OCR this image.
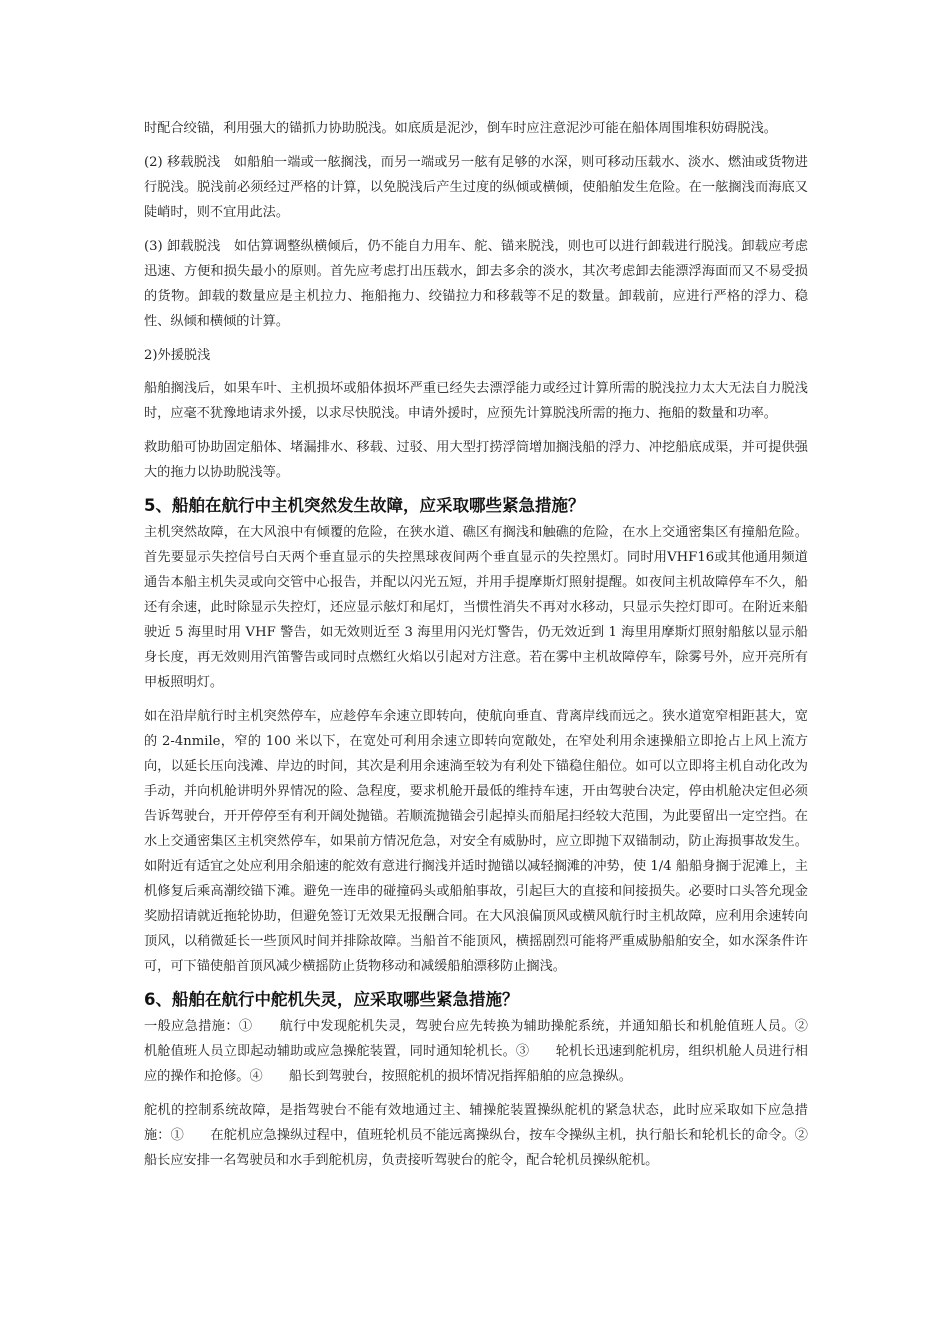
时配合绞锚，利用强大的锚抓力协助脱浅。如底质是泥沙，倒车时应注意泥沙可能在船体周围堆积妨碍脱浅。

(2) 移载脱浅　如船舶一端或一舷搁浅，而另一端或另一舷有足够的水深，则可移动压载水、淡水、燃油或货物进行脱浅。脱浅前必须经过严格的计算，以免脱浅后产生过度的纵倾或横倾，使船舶发生危险。在一舷搁浅而海底又陡峭时，则不宜用此法。

(3) 卸载脱浅　如估算调整纵横倾后，仍不能自力用车、舵、锚来脱浅，则也可以进行卸载进行脱浅。卸载应考虑迅速、方便和损失最小的原则。首先应考虑打出压载水，卸去多余的淡水，其次考虑卸去能漂浮海面而又不易受损的货物。卸载的数量应是主机拉力、拖船拖力、绞锚拉力和移载等不足的数量。卸载前，应进行严格的浮力、稳性、纵倾和横倾的计算。

2)外援脱浅

船舶搁浅后，如果车叶、主机损坏或船体损坏严重已经失去漂浮能力或经过计算所需的脱浅拉力太大无法自力脱浅时，应毫不犹豫地请求外援，以求尽快脱浅。申请外援时，应预先计算脱浅所需的拖力、拖船的数量和功率。

救助船可协助固定船体、堵漏排水、移载、过驳、用大型打捞浮筒增加搁浅船的浮力、冲挖船底成渠，并可提供强大的拖力以协助脱浅等。

5、船舶在航行中主机突然发生故障，应采取哪些紧急措施？

主机突然故障，在大风浪中有倾覆的危险，在狭水道、礁区有搁浅和触礁的危险，在水上交通密集区有撞船危险。首先要显示失控信号白天两个垂直显示的失控黑球夜间两个垂直显示的失控黑灯。同时用VHF16或其他通用频道通告本船主机失灵或向交管中心报告，并配以闪光五短，并用手提摩斯灯照射提醒。如夜间主机故障停车不久，船还有余速，此时除显示失控灯，还应显示舷灯和尾灯，当惯性消失不再对水移动，只显示失控灯即可。在附近来船驶近 5 海里时用 VHF 警告，如无效则近至 3 海里用闪光灯警告，仍无效近到 1 海里用摩斯灯照射船舷以显示船身长度，再无效则用汽笛警告或同时点燃红火焰以引起对方注意。若在雾中主机故障停车，除雾号外，应开亮所有甲板照明灯。

如在沿岸航行时主机突然停车，应趁停车余速立即转向，使航向垂直、背离岸线而远之。狭水道宽窄相距甚大，宽的 2-4nmile，窄的 100 米以下，在宽处可利用余速立即转向宽敞处，在窄处利用余速操船立即抢占上风上流方向，以延长压向浅滩、岸边的时间，其次是利用余速淌至较为有利处下锚稳住船位。如可以立即将主机自动化改为手动，并向机舱讲明外界情况的险、急程度，要求机舱开最低的维持车速，开由驾驶台决定，停由机舱决定但必须告诉驾驶台，开开停停至有利开阔处抛锚。若顺流抛锚会引起掉头而船尾扫经较大范围，为此要留出一定空挡。在水上交通密集区主机突然停车，如果前方情况危急，对安全有威胁时，应立即抛下双锚制动，防止海损事故发生。如附近有适宜之处应利用余船速的舵效有意进行搁浅并适时抛锚以减轻搁滩的冲势，使 1/4 船船身搁于泥滩上，主机修复后乘高潮绞锚下滩。避免一连串的碰撞码头或船舶事故，引起巨大的直接和间接损失。必要时口头答允现金奖励招请就近拖轮协助，但避免签订无效果无报酬合同。在大风浪偏顶风或横风航行时主机故障，应利用余速转向顶风，以稍微延长一些顶风时间并排除故障。当船首不能顶风，横摇剧烈可能将严重威胁船舶安全，如水深条件许可，可下锚使船首顶风减少横摇防止货物移动和减缓船舶漂移防止搁浅。

6、船舶在航行中舵机失灵，应采取哪些紧急措施？

一般应急措施：①　　航行中发现舵机失灵，驾驶台应先转换为辅助操舵系统，并通知船长和机舱值班人员。②　　机舱值班人员立即起动辅助或应急操舵装置，同时通知轮机长。③　　轮机长迅速到舵机房，组织机舱人员进行相应的操作和抢修。④　　船长到驾驶台，按照舵机的损坏情况指挥船舶的应急操纵。

舵机的控制系统故障，是指驾驶台不能有效地通过主、辅操舵装置操纵舵机的紧急状态，此时应采取如下应急措施：①　　在舵机应急操纵过程中，值班轮机员不能远离操纵台，按车令操纵主机，执行船长和轮机长的命令。②　　船长应安排一名驾驶员和水手到舵机房，负责接听驾驶台的舵令，配合轮机员操纵舵机。
